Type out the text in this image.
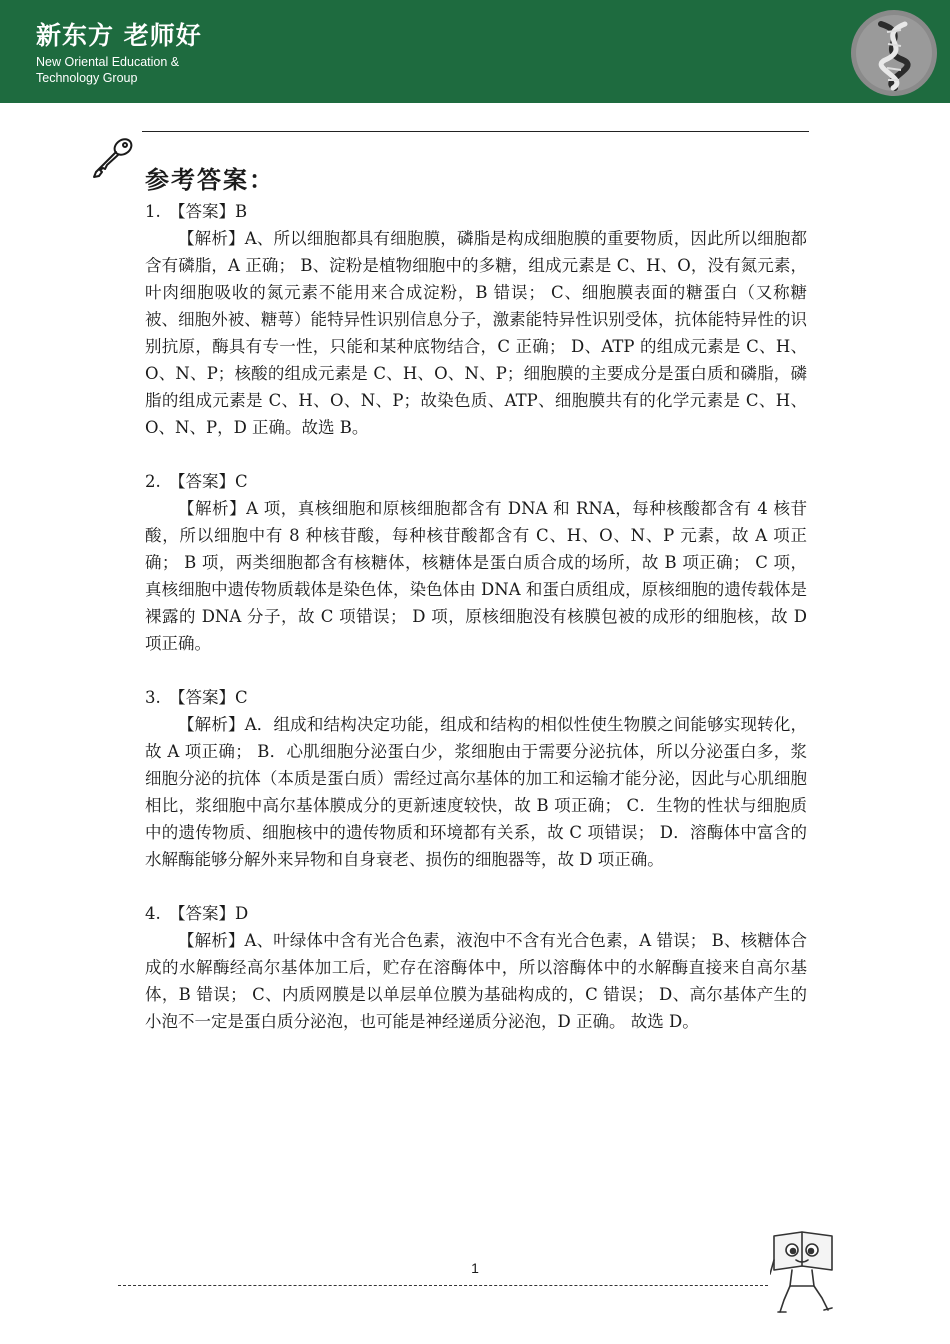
新东方 老师好
New Oriental Education & Technology Group
参考答案：
1.　【答案】B
【解析】A、所以细胞都具有细胞膜，磷脂是构成细胞膜的重要物质，因此所以细胞都含有磷脂，A 正确； B、淀粉是植物细胞中的多糖，组成元素是 C、H、O，没有氮元素，叶肉细胞吸收的氮元素不能用来合成淀粉，B 错误； C、细胞膜表面的糖蛋白（又称糖被、细胞外被、糖萼）能特异性识别信息分子，激素能特异性识别受体，抗体能特异性的识别抗原，酶具有专一性，只能和某种底物结合，C 正确； D、ATP 的组成元素是 C、H、O、N、P；核酸的组成元素是 C、H、O、N、P；细胞膜的主要成分是蛋白质和磷脂，磷脂的组成元素是 C、H、O、N、P；故染色质、ATP、细胞膜共有的化学元素是 C、H、O、N、P，D 正确。故选 B。
2.　【答案】C
【解析】A 项，真核细胞和原核细胞都含有 DNA 和 RNA，每种核酸都含有 4 核苷酸，所以细胞中有 8 种核苷酸，每种核苷酸都含有 C、H、O、N、P 元素，故 A 项正确； B 项，两类细胞都含有核糖体，核糖体是蛋白质合成的场所，故 B 项正确； C 项，真核细胞中遗传物质载体是染色体，染色体由 DNA 和蛋白质组成，原核细胞的遗传载体是裸露的 DNA 分子，故 C 项错误； D 项，原核细胞没有核膜包被的成形的细胞核，故 D 项正确。
3.　【答案】C
【解析】A．组成和结构决定功能，组成和结构的相似性使生物膜之间能够实现转化，故 A 项正确； B．心肌细胞分泌蛋白少，浆细胞由于需要分泌抗体，所以分泌蛋白多，浆细胞分泌的抗体（本质是蛋白质）需经过高尔基体的加工和运输才能分泌，因此与心肌细胞相比，浆细胞中高尔基体膜成分的更新速度较快，故 B 项正确； C．生物的性状与细胞质中的遗传物质、细胞核中的遗传物质和环境都有关系，故 C 项错误； D．溶酶体中富含的水解酶能够分解外来异物和自身衰老、损伤的细胞器等，故 D 项正确。
4.　【答案】D
【解析】A、叶绿体中含有光合色素，液泡中不含有光合色素，A 错误； B、核糖体合成的水解酶经高尔基体加工后，贮存在溶酶体中，所以溶酶体中的水解酶直接来自高尔基体，B 错误； C、内质网膜是以单层单位膜为基础构成的，C 错误； D、高尔基体产生的小泡不一定是蛋白质分泌泡，也可能是神经递质分泌泡，D 正确。 故选 D。
1
